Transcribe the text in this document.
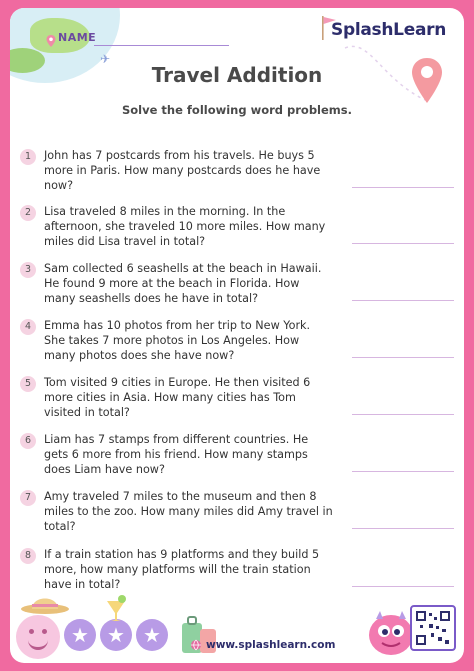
NAME
✈
SplashLearn
Travel Addition
Solve the following word problems.
1	John has 7 postcards from his travels. He buys 5 more in Paris. How many postcards does he have now?
2	Lisa traveled 8 miles in the morning. In the afternoon, she traveled 10 more miles. How many miles did Lisa travel in total?
3	Sam collected 6 seashells at the beach in Hawaii. He found 9 more at the beach in Florida. How many seashells does he have in total?
4	Emma has 10 photos from her trip to New York. She takes 7 more photos in Los Angeles. How many photos does she have now?
5	Tom visited 9 cities in Europe. He then visited 6 more cities in Asia. How many cities has Tom visited in total?
6	Liam has 7 stamps from different countries. He gets 6 more from his friend. How many stamps does Liam have now?
7	Amy traveled 7 miles to the museum and then 8 miles to the zoo. How many miles did Amy travel in total?
8	If a train station has 9 platforms and they build 5 more, how many platforms will the train station have in total?
★ ★ ★	www.splashlearn.com
